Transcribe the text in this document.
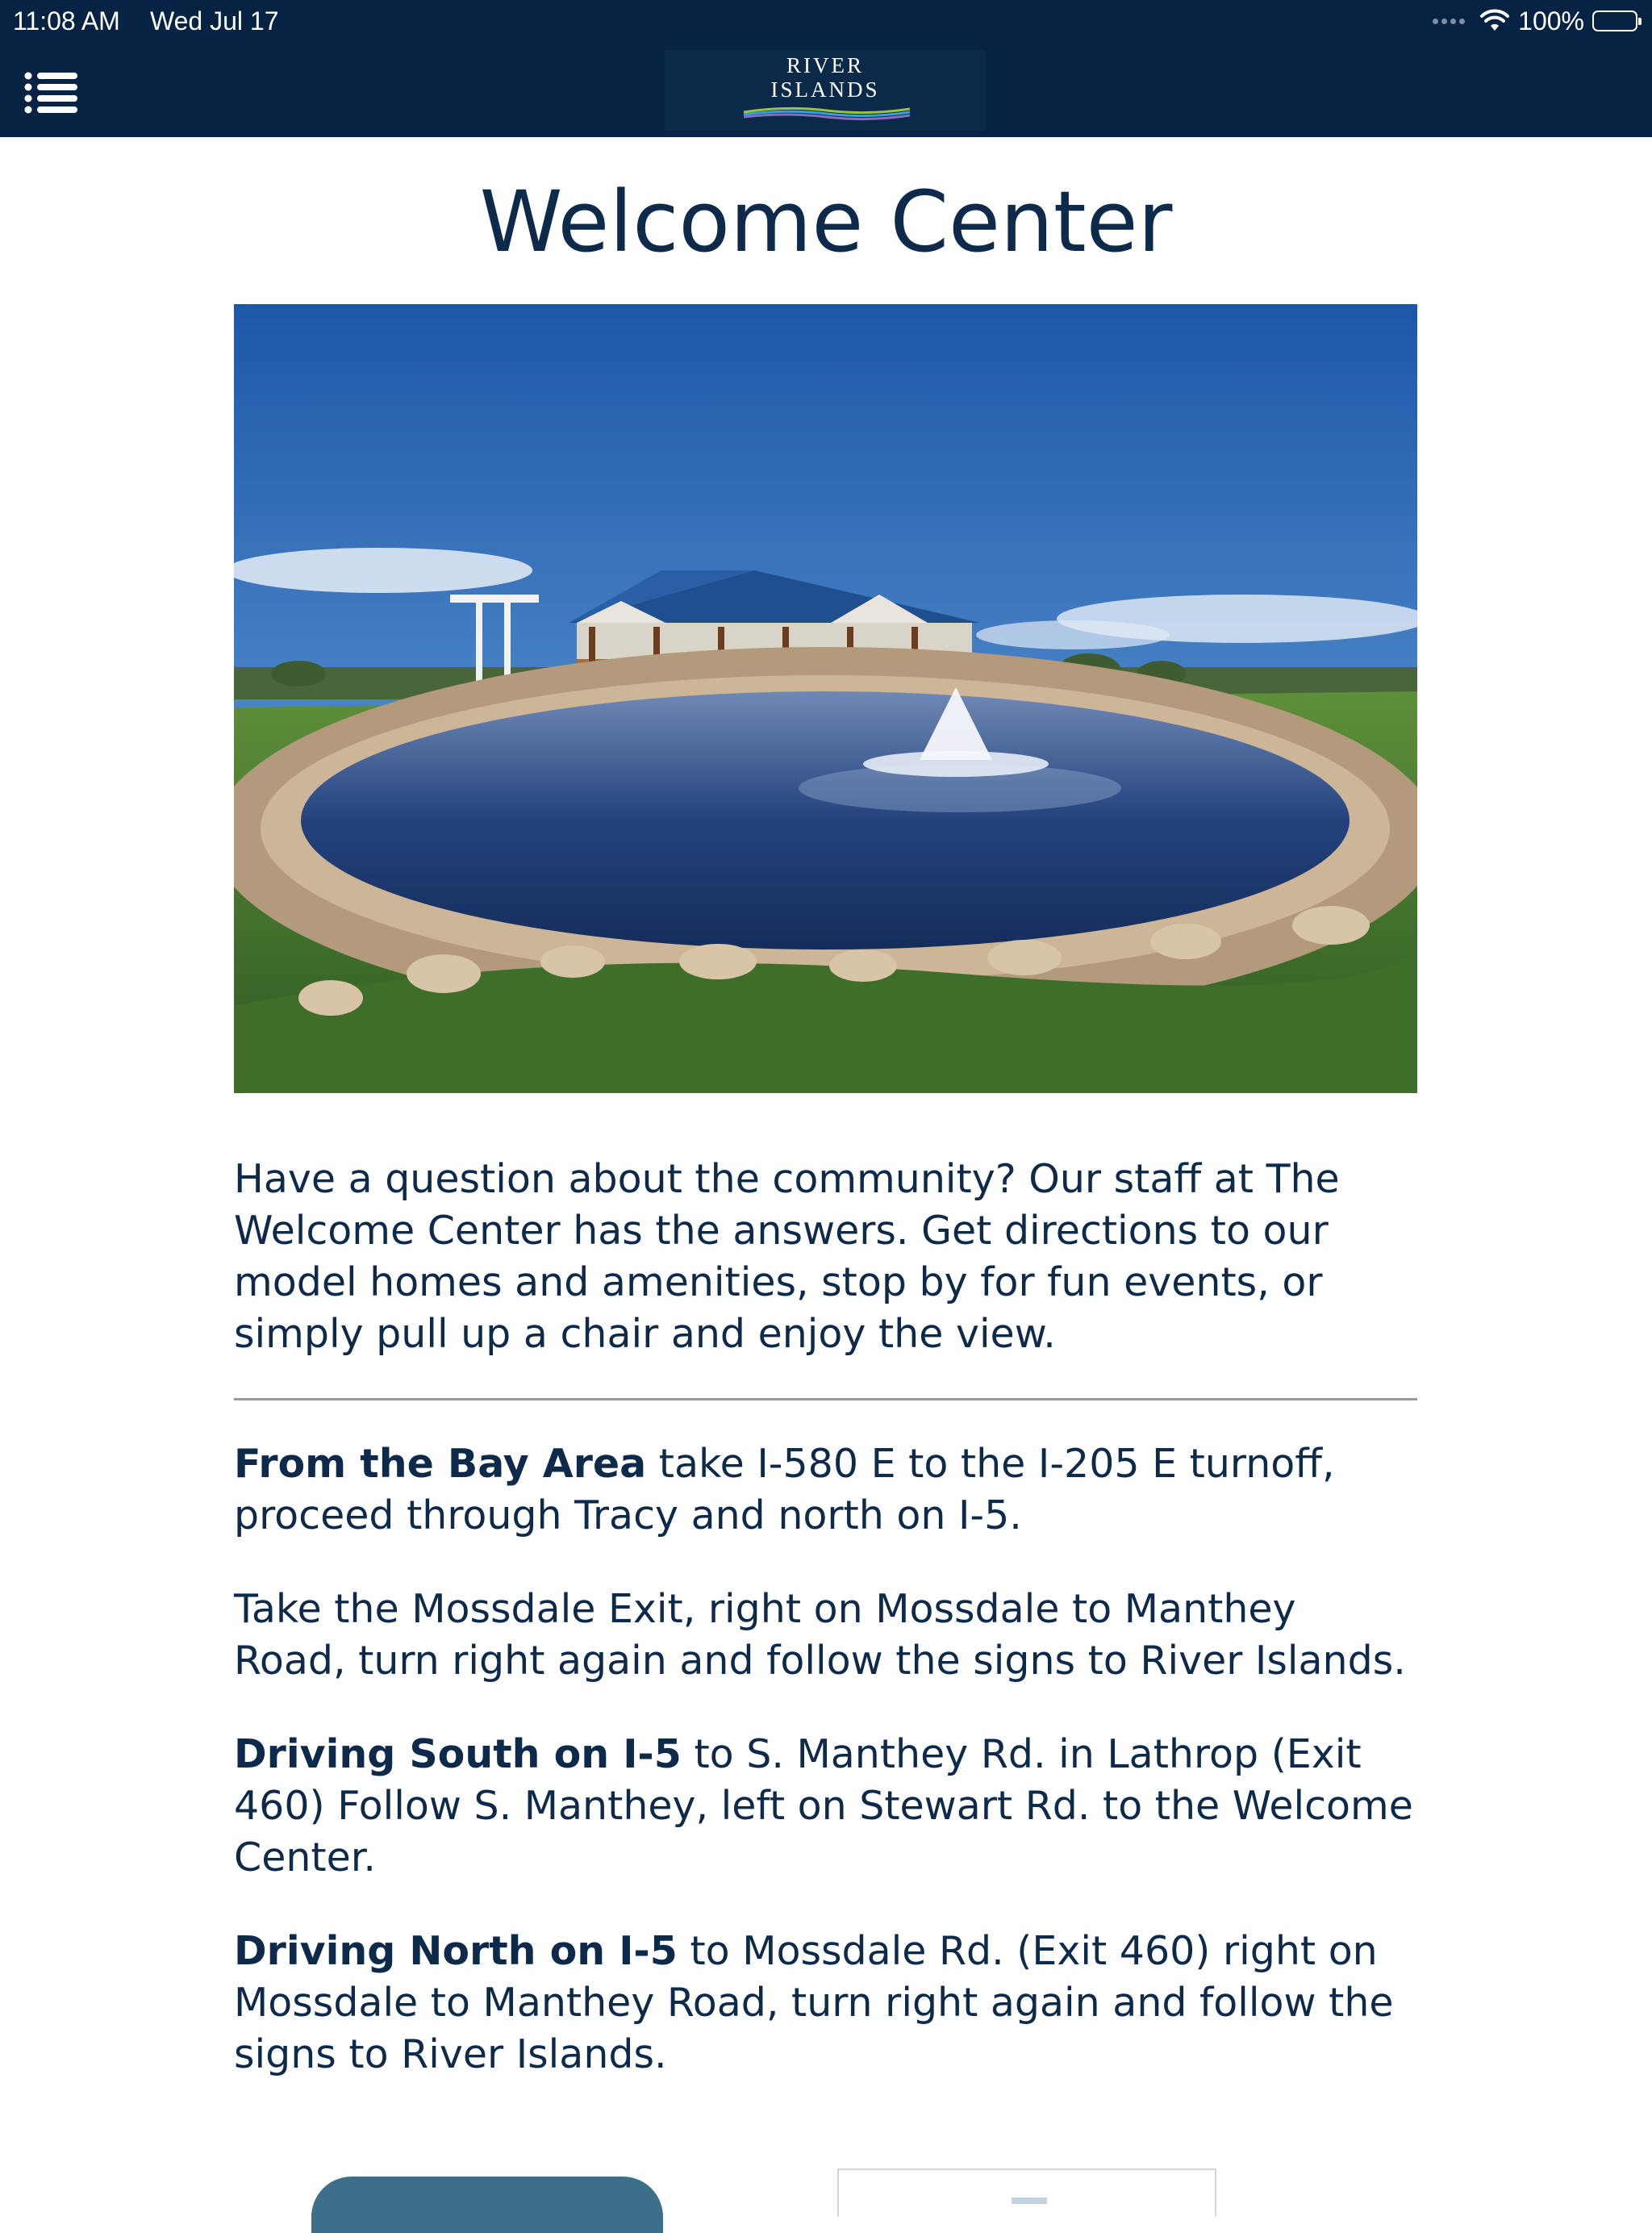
11:08 AM Wed Jul 17	100%
RIVER
ISLANDS
Welcome Center

Have a question about the community? Our staff at The Welcome Center has the answers. Get directions to our model homes and amenities, stop by for fun events, or simply pull up a chair and enjoy the view.

From the Bay Area take I-580 E to the I-205 E turnoff, proceed through Tracy and north on I-5.

Take the Mossdale Exit, right on Mossdale to Manthey Road, turn right again and follow the signs to River Islands.

Driving South on I-5 to S. Manthey Rd. in Lathrop (Exit 460) Follow S. Manthey, left on Stewart Rd. to the Welcome Center.

Driving North on I-5 to Mossdale Rd. (Exit 460) right on Mossdale to Manthey Road, turn right again and follow the signs to River Islands.
